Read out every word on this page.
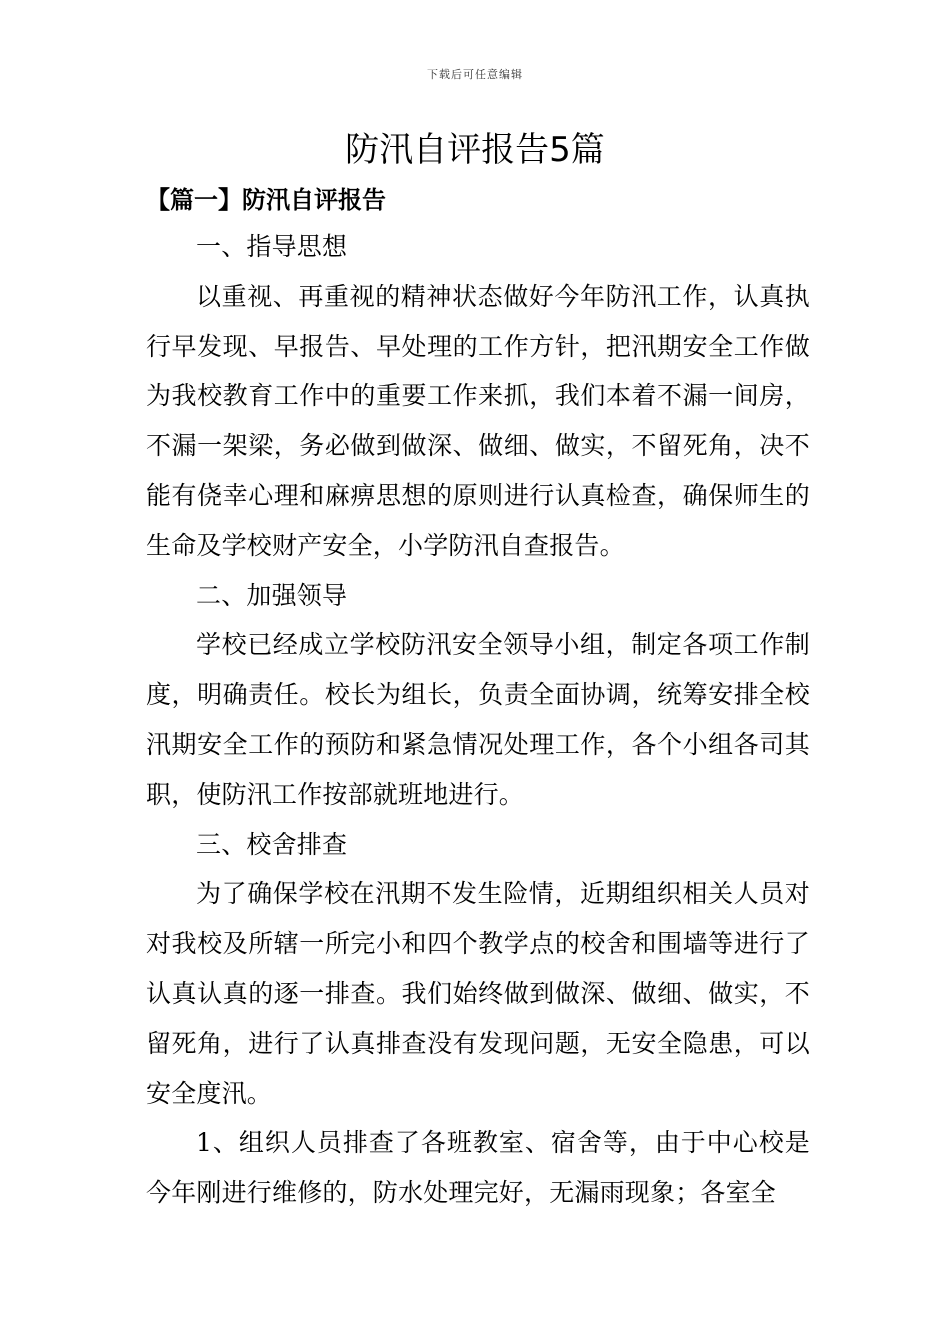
下载后可任意编辑
防汛自评报告5篇
【篇一】防汛自评报告

一、指导思想

以重视、再重视的精神状态做好今年防汛工作，认真执行早发现、早报告、早处理的工作方针，把汛期安全工作做为我校教育工作中的重要工作来抓，我们本着不漏一间房，不漏一架梁，务必做到做深、做细、做实，不留死角，决不能有侥幸心理和麻痹思想的原则进行认真检查，确保师生的生命及学校财产安全，小学防汛自查报告。

二、加强领导

学校已经成立学校防汛安全领导小组，制定各项工作制度，明确责任。校长为组长，负责全面协调，统筹安排全校汛期安全工作的预防和紧急情况处理工作，各个小组各司其职，使防汛工作按部就班地进行。

三、校舍排查

为了确保学校在汛期不发生险情，近期组织相关人员对对我校及所辖一所完小和四个教学点的校舍和围墙等进行了认真认真的逐一排查。我们始终做到做深、做细、做实，不留死角，进行了认真排查没有发现问题，无安全隐患，可以安全度汛。

1、组织人员排查了各班教室、宿舍等，由于中心校是今年刚进行维修的，防水处理完好，无漏雨现象；各室全
